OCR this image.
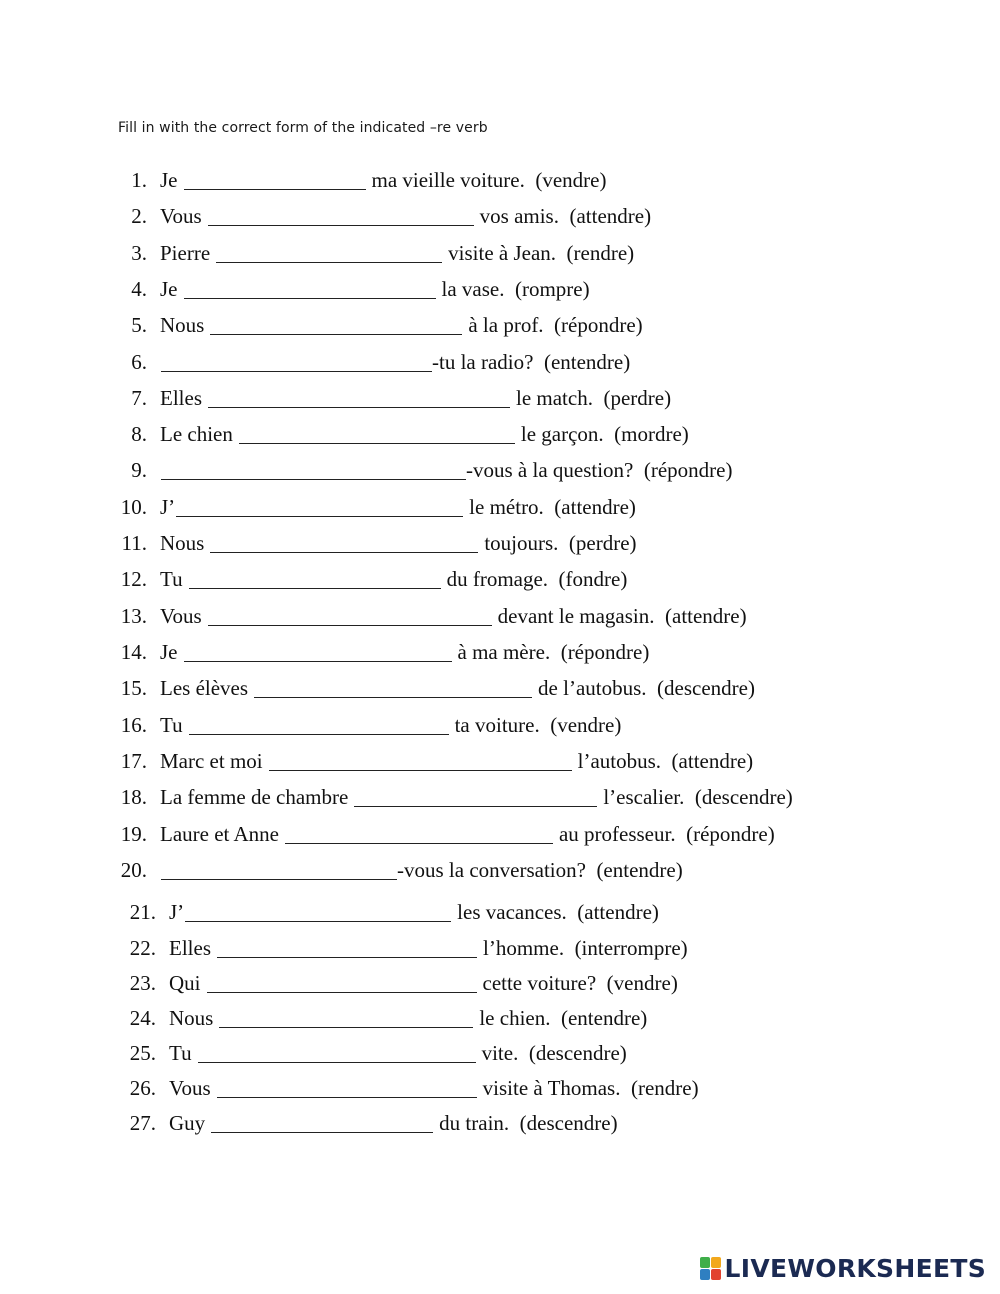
Fill in with the correct form of the indicated –re verb
1. Je	ma vieille voiture.  (vendre)
2. Vous	vos amis.  (attendre)
3. Pierre	visite à Jean.  (rendre)
4. Je	la vase.  (rompre)
5. Nous	à la prof.  (répondre)
6.	-tu la radio?  (entendre)
7. Elles	le match.  (perdre)
8. Le chien	le garçon.  (mordre)
9.	-vous à la question?  (répondre)
10. J’	le métro.  (attendre)
11. Nous	toujours.  (perdre)
12. Tu	du fromage.  (fondre)
13. Vous	devant le magasin.  (attendre)
14. Je	à ma mère.  (répondre)
15. Les élèves	de l’autobus.  (descendre)
16. Tu	ta voiture.  (vendre)
17. Marc et moi	l’autobus.  (attendre)
18. La femme de chambre	l’escalier.  (descendre)
19. Laure et Anne	au professeur.  (répondre)
20.	-vous la conversation?  (entendre)
21. J’	les vacances.  (attendre)
22. Elles	l’homme.  (interrompre)
23. Qui	cette voiture?  (vendre)
24. Nous	le chien.  (entendre)
25. Tu	vite.  (descendre)
26. Vous	visite à Thomas.  (rendre)
27. Guy	du train.  (descendre)
LIVEWORKSHEETS
